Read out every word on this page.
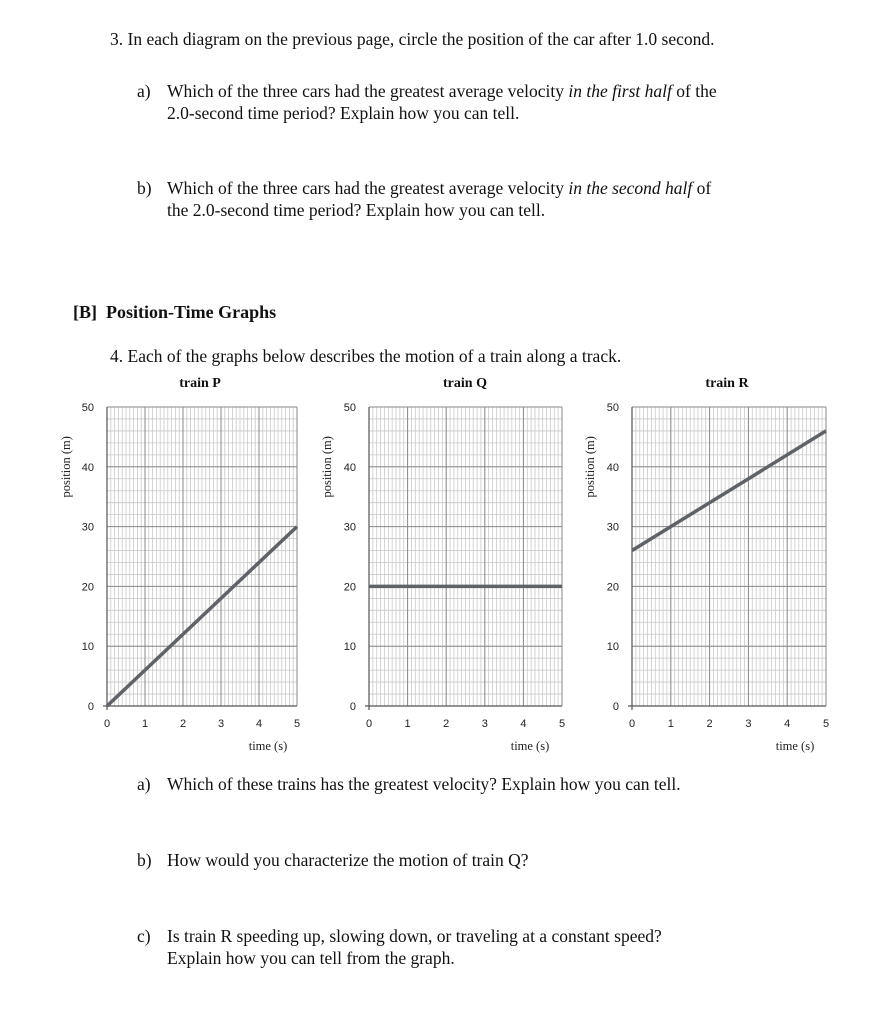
3. In each diagram on the previous page, circle the position of the car after 1.0 second.
a) Which of the three cars had the greatest average velocity in the first half of the
2.0-second time period? Explain how you can tell.
b) Which of the three cars had the greatest average velocity in the second half of
the 2.0-second time period? Explain how you can tell.
[B]  Position-Time Graphs
4. Each of the graphs below describes the motion of a train along a track.
0
10
20
30
40
50
0	1	2	3	4	5
train P
position (m)
time (s)
0
10
20
30
40
50
0	1	2	3	4	5
train Q
position (m)
time (s)
0
10
20
30
40
50
0	1	2	3	4	5
train R
position (m)
time (s)
a) Which of these trains has the greatest velocity? Explain how you can tell.
b) How would you characterize the motion of train Q?
c) Is train R speeding up, slowing down, or traveling at a constant speed?
Explain how you can tell from the graph.
